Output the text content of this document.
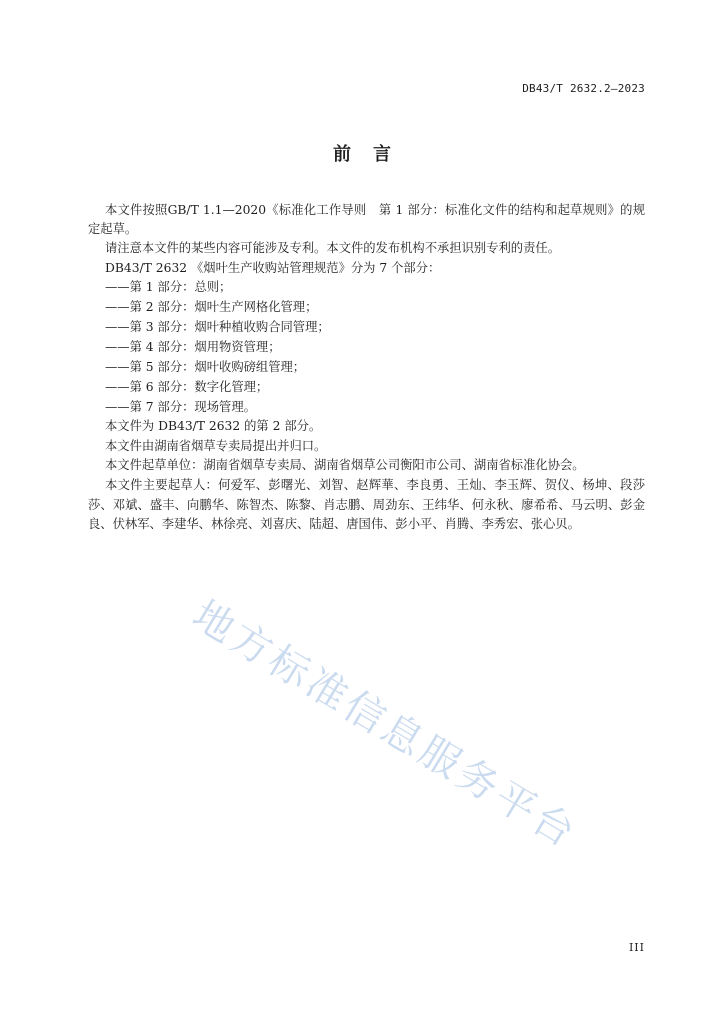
DB43/T 2632.2—2023
前言
本文件按照GB/T 1.1—2020《标准化工作导则　第 1 部分：标准化文件的结构和起草规则》的规
定起草。
请注意本文件的某些内容可能涉及专利。本文件的发布机构不承担识别专利的责任。
DB43/T 2632 《烟叶生产收购站管理规范》分为 7 个部分：
——第 1 部分：总则；
——第 2 部分：烟叶生产网格化管理；
——第 3 部分：烟叶种植收购合同管理；
——第 4 部分：烟用物资管理；
——第 5 部分：烟叶收购磅组管理；
——第 6 部分：数字化管理；
——第 7 部分：现场管理。
本文件为 DB43/T 2632 的第 2 部分。
本文件由湖南省烟草专卖局提出并归口。
本文件起草单位：湖南省烟草专卖局、湖南省烟草公司衡阳市公司、湖南省标准化协会。
本文件主要起草人：何爱军、彭曙光、刘智、赵辉華、李良勇、王灿、李玉辉、贺仪、杨坤、段莎
莎、邓斌、盛丰、向鹏华、陈智杰、陈黎、肖志鹏、周劲东、王纬华、何永秋、廖希希、马云明、彭金
良、伏林军、李建华、林徐亮、刘喜庆、陆超、唐国伟、彭小平、肖腾、李秀宏、张心贝。
地方标准信息服务平台
III
